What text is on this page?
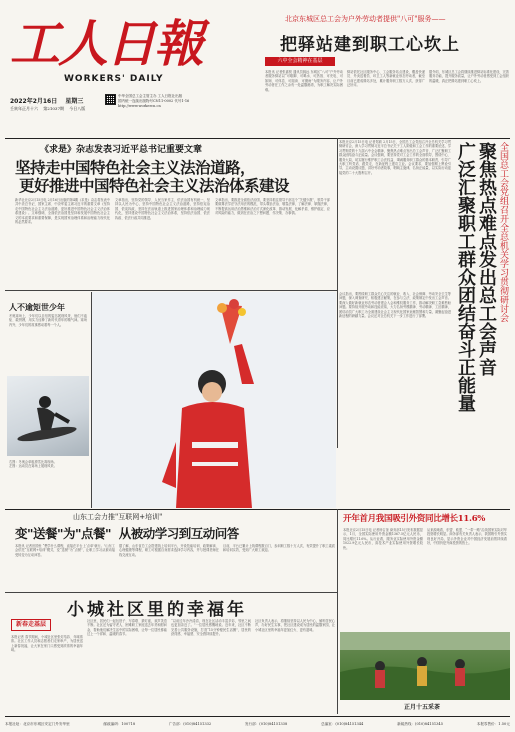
工人日報
WORKERS' DAILY
2022年2月16日 星期三
壬寅年正月十六 第21037期 今日八版
中华全国总工会主管主办 工人日报社出版
国内统一连续出版物号CN11-0002 代号1-16
http://www.workercn.cn
北京东城区总工会为户外劳动者提供"八可"服务——
把驿站建到职工心坎上
六中全会精神在基层
本报讯 记者张嘉锐 通讯员姚远 东城区“八可”户外劳动者服务驿站以“可歇脚、可喝水、可热饭、可充电、可如厕、可休息、可阅读、可避雨”为服务内容，让户外劳动者在工作之余有一处温馨港湾，为职工解决实际困难。
驿站依托社区服务中心、工会服务站点建设，覆盖快递员、外卖送餐员、环卫工人等新就业形态劳动者，截至目前已建成驿站多处，累计服务职工数万人次，获得广泛好评。
据介绍，东城区总工会将继续推进驿站标准化建设，完善服务功能，提升服务质量，让户外劳动者感受到工会组织的温暖，真正把驿站建到职工心坎上。
《求是》杂志发表习近平总书记重要文章
坚持走中国特色社会主义法治道路，
更好推进中国特色社会主义法治体系建设
新华社北京2月15日电 2月16日出版的第4期《求是》杂志将发表中共中央总书记、国家主席、中央军委主席习近平的重要文章《坚持走中国特色社会主义法治道路，更好推进中国特色社会主义法治体系建设》。文章强调，全面依法治国是坚持和发展中国特色社会主义的本质要求和重要保障，是实现国家治理体系和治理能力现代化的必然要求。
文章指出，坚持党的领导、人民当家作主、依法治国有机统一，坚持以人民为中心，坚持中国特色社会主义法治道路，坚持依宪治国、依宪执政，坚持在法治轨道上推进国家治理体系和治理能力现代化，坚持建设中国特色社会主义法治体系，坚持依法治国、依法执政、依法行政共同推进。
文章指出，要推进全面依法治国，要坚持抓住领导干部这个“关键少数”，领导干部要做尊法学法守法用法的模范，带头尊崇法治、敬畏法律，了解法律、掌握法律，不断提高运用法治思维和法治方式深化改革、推动发展、化解矛盾、维护稳定、应对风险的能力，做到在法治之下想问题、作决策、办事情。	全国总工会党组召开全总机关学习贯彻研讨会
聚焦热点难点发出总工会声音
广泛汇聚职工群众团结奋斗正能量
本报北京2月15日电 记者郑莉 2月15日，全国总工会党组召开全总机关学习贯彻研讨会，深入学习贯彻习近平总书记关于工人阶级和工会工作的重要论述，学习贯彻党的十九届六中全会精神，聚焦热点难点发出总工会声音，广泛汇聚职工群众团结奋斗正能量。会议强调，要坚持党对工会工作的全面领导，围绕中心、服务大局，切实履行维护职工合法权益、竭诚服务职工群众的基本职责，引导广大职工听党话、跟党走，在新征程上建功立业。会议要求，要加强网上舆论引导，主动设置议题，讲好劳动者故事，唱响主旋律，弘扬正能量，以实际行动迎接党的二十大胜利召开。
会议指出，要围绕职工群众关心关注的就业、收入、社会保障、劳动安全卫生等问题，深入调查研究，积极建言献策，在参与立法、政策制定中发出工会声音。要深入做好新就业形态劳动者建会入会和维权服务工作，推动解决职工急难愁盼问题。要持续开展劳动和技能竞赛，大力弘扬劳模精神、劳动精神、工匠精神，团结动员广大职工为全面建设社会主义现代化国家贡献智慧和力量，凝聚起奋进新征程的磅礴力量。会议还对全总机关下一步工作进行了部署。
人不逾矩世少年
冬奥赛场上，少年们以自信的姿态展现风采，他们不逾矩、敢拼搏，用实力诠释了新时代青年的精气神。赛场内外，少年们的故事感动着每一个人。
右图：冬奥会单板滑雪比赛现场。
左图：运动员在赛场上展现风采。
山东工会力推"互联网+培训"
变"送餐"为"点餐"  从被动学习到互动问答
本报讯 记者田国垒 “想学什么课程，直接在平台上‘点单’就行。”山东工会依托“互联网+培训”模式，变“送餐”为“点餐”，让职工学习从被动接受转变为互动问答。
据了解，山东省总工会搭建线上培训平台，开设技能培训、政策解读、心理健康等课程，职工可根据自身需求选择学习内容，并与授课老师在线交流互动。
目前，平台已累计上线课程数百门，参训职工数十万人次，有效提升了职工素质和培训实效，受到广大职工欢迎。
开年首月我国吸引外资同比增长11.6%
本报北京2月15日电 记者杨召奎 商务部15日发布数据显示，1月，全国实际使用外资金额1367.5亿元人民币，同比增长11.6%。从行业看，服务业实际使用外资金额1022.9亿元人民币，高技术产业实际使用外资增长较快。
从来源地看，东盟、欧盟、“一带一路”沿线国家实际对华投资增长明显。商务部有关负责人表示，我国吸引外资实现良好开局，显示外资企业对中国经济发展前景持续看好，中国仍是外商投资的热土。
正月十五采茶
小城社区里的幸福年
新春走基层
本报记者 春节期间，小城社区里张灯结彩、年味浓浓。社区工作人员和志愿者们走家串户，为居民送上新春祝福，让大家在家门口感受到浓浓的幸福年味。
社区里，居民们一起包饺子、写春联、猜灯谜，欢声笑语不断。社区还为留守老人、困难职工家庭送去年货和慰问金，帮助他们解决生活中的实际困难，让每一位居民都能过上一个祥和、温暖的春节。
“以前过年冷冷清清，现在社区活动丰富多彩，邻里之间也更加亲近了。”一位居民感慨地说。近年来，社区不断完善公共服务设施，打造“15分钟便民生活圈”，居民的获得感、幸福感、安全感持续提升。
社区负责人表示，将继续坚持以人民为中心，倾听居民心声，办好民生实事，把社区建设成为居民的温馨家园，让小城社区里的幸福年更加红火、更有滋味。
本报社址：北京市东城区安定门外安华里	邮政编码：100718	广告部：(010)84151332	发行部：(010)84151338	总编室：(010)84151344	新闻热线：(010)84151345	本报零售价：1.50元
